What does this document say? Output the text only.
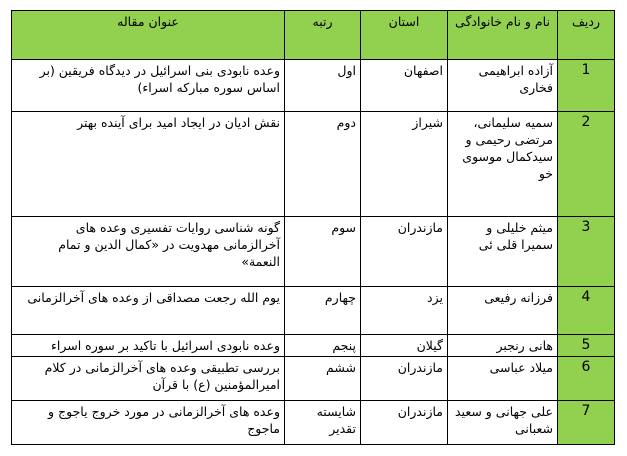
ردیف	نام و نام خانوادگی	استان	رتبه	عنوان مقاله
1	آزاده ابراهیمی فخاری	اصفهان	اول	وعده نابودی بنی اسرائیل در دیدگاه فریقین (بر اساس سوره مبارکه اسراء)
2	سمیه سلیمانی، مرتضی رحیمی و سیدکمال موسوی خو	شیراز	دوم	نقش ادیان در ایجاد امید برای آینده بهتر
3	میثم خلیلی و سمیرا قلی ئی	مازندران	سوم	گونه شناسی روایات تفسیری وعده های آخرالزمانی مهدویت در «کمال الدین و تمام النعمة»
4	فرزانه رفیعی	یزد	چهارم	یوم الله رجعت مصداقی از وعده های آخرالزمانی
5	هانی رنجبر	گیلان	پنجم	وعده نابودی اسرائیل با تاکید بر سوره اسراء
6	میلاد عباسی	مازندران	ششم	بررسی تطبیقی وعده های آخرالزمانی در کلام امیرالمؤمنین (ع) با قرآن
7	علی جهانی و سعید شعبانی	مازندران	شایسته تقدیر	وعده های آخرالزمانی در مورد خروج یاجوج و ماجوج
